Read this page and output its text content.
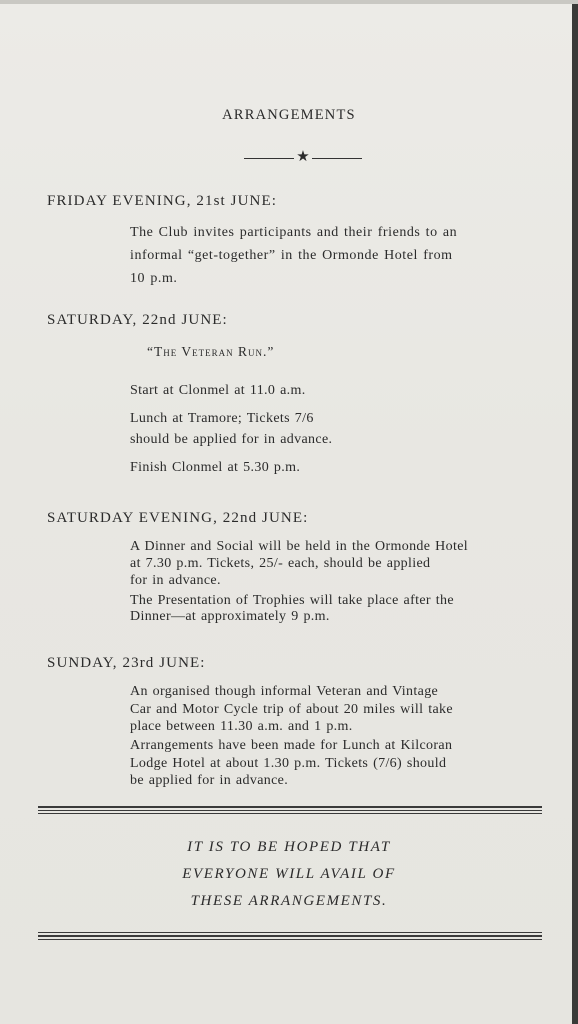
ARRANGEMENTS
★
FRIDAY EVENING, 21st JUNE:
The Club invites participants and their friends to an
informal “get-together” in the Ormonde Hotel from
10 p.m.
SATURDAY, 22nd JUNE:
“The Veteran Run.”
Start at Clonmel at 11.0 a.m.
Lunch at Tramore; Tickets 7/6
should be applied for in advance.
Finish Clonmel at 5.30 p.m.
SATURDAY EVENING, 22nd JUNE:
A Dinner and Social will be held in the Ormonde Hotel
at 7.30 p.m. Tickets, 25/- each, should be applied
for in advance.
The Presentation of Trophies will take place after the
Dinner—at approximately 9 p.m.
SUNDAY, 23rd JUNE:
An organised though informal Veteran and Vintage
Car and Motor Cycle trip of about 20 miles will take
place between 11.30 a.m. and 1 p.m.
Arrangements have been made for Lunch at Kilcoran
Lodge Hotel at about 1.30 p.m. Tickets (7/6) should
be applied for in advance.
IT IS TO BE HOPED THAT
EVERYONE WILL AVAIL OF
THESE ARRANGEMENTS.
